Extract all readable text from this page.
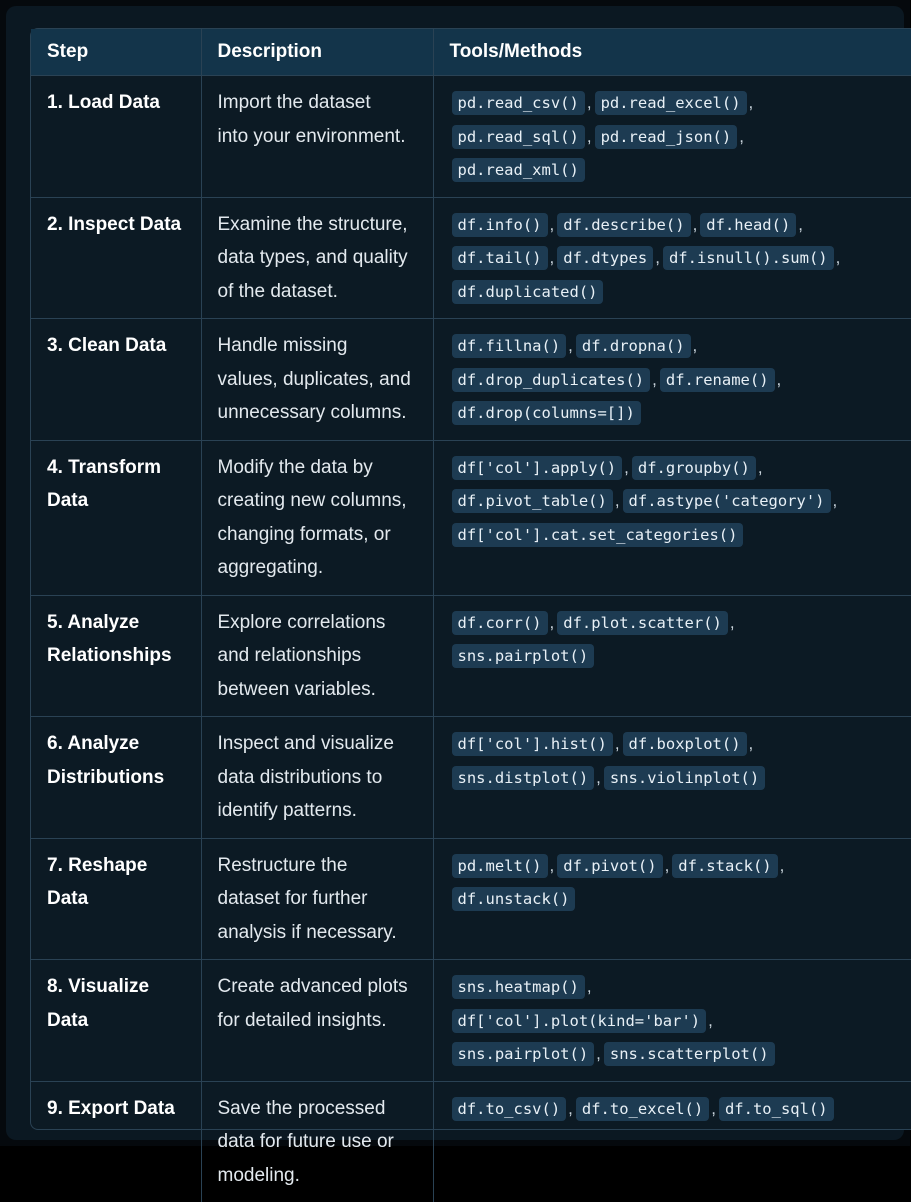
Step	Description	Tools/Methods

1. Load Data	Import the dataset
into your environment.	pd.read_csv() , pd.read_excel() ,
pd.read_sql() , pd.read_json() ,
pd.read_xml()

2. Inspect Data	Examine the structure,
data types, and quality
of the dataset.	df.info() , df.describe() , df.head() ,
df.tail() , df.dtypes , df.isnull().sum() ,
df.duplicated()

3. Clean Data	Handle missing
values, duplicates, and
unnecessary columns.	df.fillna() , df.dropna() ,
df.drop_duplicates() , df.rename() ,
df.drop(columns=[])

4. Transform
Data	Modify the data by
creating new columns,
changing formats, or
aggregating.	df['col'].apply() , df.groupby() ,
df.pivot_table() , df.astype('category') ,
df['col'].cat.set_categories()

5. Analyze
Relationships	Explore correlations
and relationships
between variables.	df.corr() , df.plot.scatter() ,
sns.pairplot()

6. Analyze
Distributions	Inspect and visualize
data distributions to
identify patterns.	df['col'].hist() , df.boxplot() ,
sns.distplot() , sns.violinplot()

7. Reshape
Data	Restructure the
dataset for further
analysis if necessary.	pd.melt() , df.pivot() , df.stack() ,
df.unstack()

8. Visualize
Data	Create advanced plots
for detailed insights.	sns.heatmap() ,
df['col'].plot(kind='bar') ,
sns.pairplot() , sns.scatterplot()

9. Export Data	Save the processed
data for future use or
modeling.	df.to_csv() , df.to_excel() , df.to_sql()
